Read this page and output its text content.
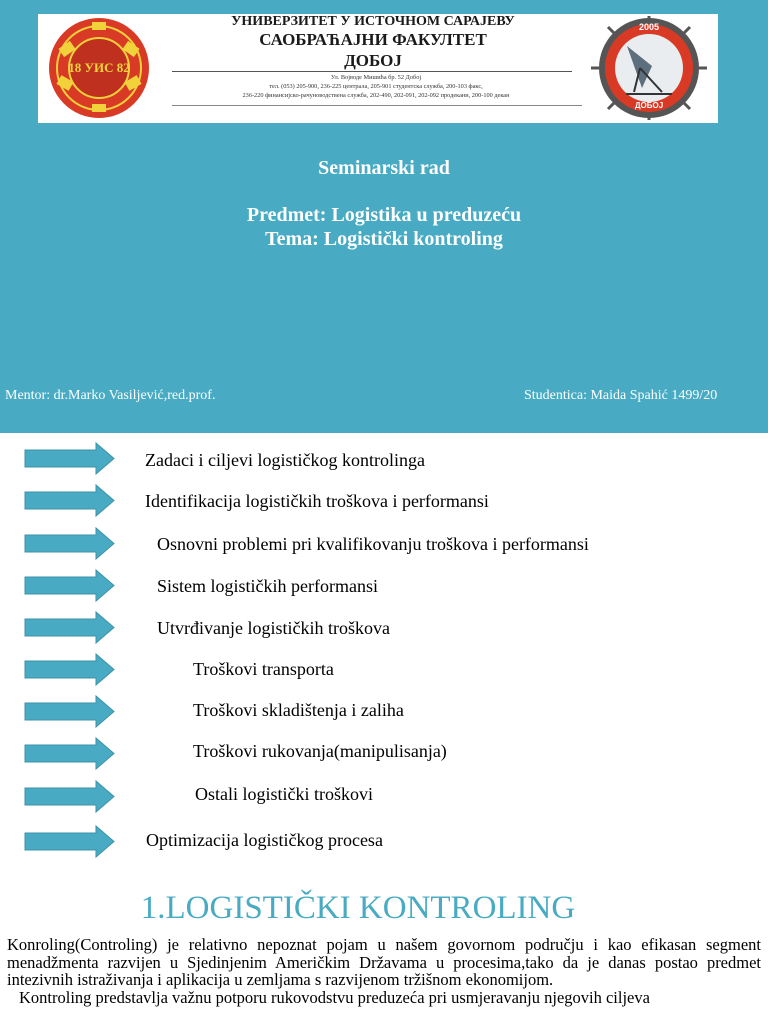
18 УИС 82
УНИВЕРЗИТЕТ У ИСТОЧНОМ САРАЈЕВУ
САОБРАЋАЈНИ ФАКУЛТЕТ
ДОБОЈ
Ул. Војводе Мишића бр. 52 Добој
тел. (053) 205-900, 236-225 централа, 205-901 студентска служба, 200-103 факс,
236-220 финансијско-рачуноводствена служба, 202-490, 202-091, 202-092 продекани, 200-100 декан
2005
ДОБОЈ
Seminarski rad
Predmet: Logistika u preduzeću
Tema: Logistički kontroling
Mentor: dr.Marko Vasiljević,red.prof.	Studentica: Maida Spahić 1499/20
Zadaci i ciljevi logističkog kontrolinga
Identifikacija logističkih troškova i performansi
Osnovni problemi pri kvalifikovanju troškova i performansi
Sistem logističkih performansi
Utvrđivanje logističkih troškova
Troškovi transporta
Troškovi skladištenja i zaliha
Troškovi rukovanja(manipulisanja)
Ostali logistički troškovi
Optimizacija logističkog procesa
1.LOGISTIČKI KONTROLING

Konroling(Controling) je relativno nepoznat pojam u našem govornom području i kao efikasan segment menadžmenta razvijen u Sjedinjenim Američkim Državama u procesima,tako da je danas postao predmet intezivnih istraživanja i aplikacija u zemljama s razvijenom tržišnom ekonomijom.

Kontroling predstavlja važnu potporu rukovodstvu preduzeća pri usmjeravanju njegovih ciljeva
